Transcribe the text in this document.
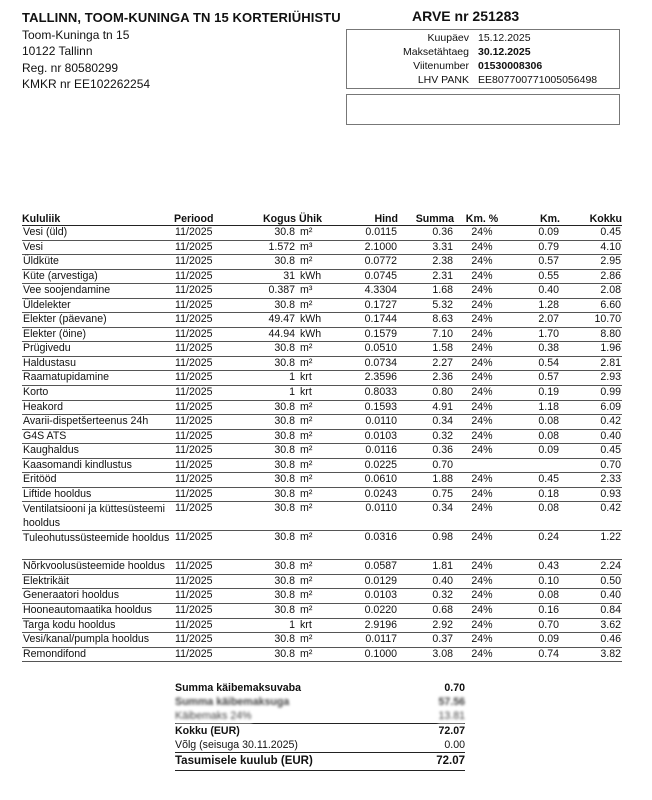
TALLINN, TOOM-KUNINGA TN 15 KORTERIÜHISTU
Toom-Kuninga tn 15
10122 Tallinn
Reg. nr 80580299
KMKR nr EE102262254
ARVE nr 251283
Kuupäev 15.12.2025
Maksetähtaeg 30.12.2025
Viitenumber 01530008306
LHV PANK EE807700771005056498
Kululiik	Periood	Kogus	Ühik	Hind	Summa	Km. %	Km.	Kokku
Vesi (üld)	11/2025	30.8	m²	0.0115	0.36	24%	0.09	0.45
Vesi	11/2025	1.572	m³	2.1000	3.31	24%	0.79	4.10
Üldküte	11/2025	30.8	m²	0.0772	2.38	24%	0.57	2.95
Küte (arvestiga)	11/2025	31	kWh	0.0745	2.31	24%	0.55	2.86
Vee soojendamine	11/2025	0.387	m³	4.3304	1.68	24%	0.40	2.08
Üldelekter	11/2025	30.8	m²	0.1727	5.32	24%	1.28	6.60
Elekter (päevane)	11/2025	49.47	kWh	0.1744	8.63	24%	2.07	10.70
Elekter (öine)	11/2025	44.94	kWh	0.1579	7.10	24%	1.70	8.80
Prügivedu	11/2025	30.8	m²	0.0510	1.58	24%	0.38	1.96
Haldustasu	11/2025	30.8	m²	0.0734	2.27	24%	0.54	2.81
Raamatupidamine	11/2025	1	krt	2.3596	2.36	24%	0.57	2.93
Korto	11/2025	1	krt	0.8033	0.80	24%	0.19	0.99
Heakord	11/2025	30.8	m²	0.1593	4.91	24%	1.18	6.09
Avarii-dispetšerteenus 24h	11/2025	30.8	m²	0.0110	0.34	24%	0.08	0.42
G4S ATS	11/2025	30.8	m²	0.0103	0.32	24%	0.08	0.40
Kaughaldus	11/2025	30.8	m²	0.0116	0.36	24%	0.09	0.45
Kaasomandi kindlustus	11/2025	30.8	m²	0.0225	0.70			0.70
Eritööd	11/2025	30.8	m²	0.0610	1.88	24%	0.45	2.33
Liftide hooldus	11/2025	30.8	m²	0.0243	0.75	24%	0.18	0.93
Ventilatsiooni ja küttesüsteemi hooldus	11/2025	30.8	m²	0.0110	0.34	24%	0.08	0.42
Tuleohutussüsteemide hooldus	11/2025	30.8	m²	0.0316	0.98	24%	0.24	1.22
Nõrkvoolusüsteemide hooldus	11/2025	30.8	m²	0.0587	1.81	24%	0.43	2.24
Elektrikäit	11/2025	30.8	m²	0.0129	0.40	24%	0.10	0.50
Generaatori hooldus	11/2025	30.8	m²	0.0103	0.32	24%	0.08	0.40
Hooneautomaatika hooldus	11/2025	30.8	m²	0.0220	0.68	24%	0.16	0.84
Targa kodu hooldus	11/2025	1	krt	2.9196	2.92	24%	0.70	3.62
Vesi/kanal/pumpla hooldus	11/2025	30.8	m²	0.0117	0.37	24%	0.09	0.46
Remondifond	11/2025	30.8	m²	0.1000	3.08	24%	0.74	3.82
Summa käibemaksuvaba	0.70
Summa käibemaksuga	57.56
Käibemaks 24%	13.81
Kokku (EUR)	72.07
Võlg (seisuga 30.11.2025)	0.00
Tasumisele kuulub (EUR)	72.07
